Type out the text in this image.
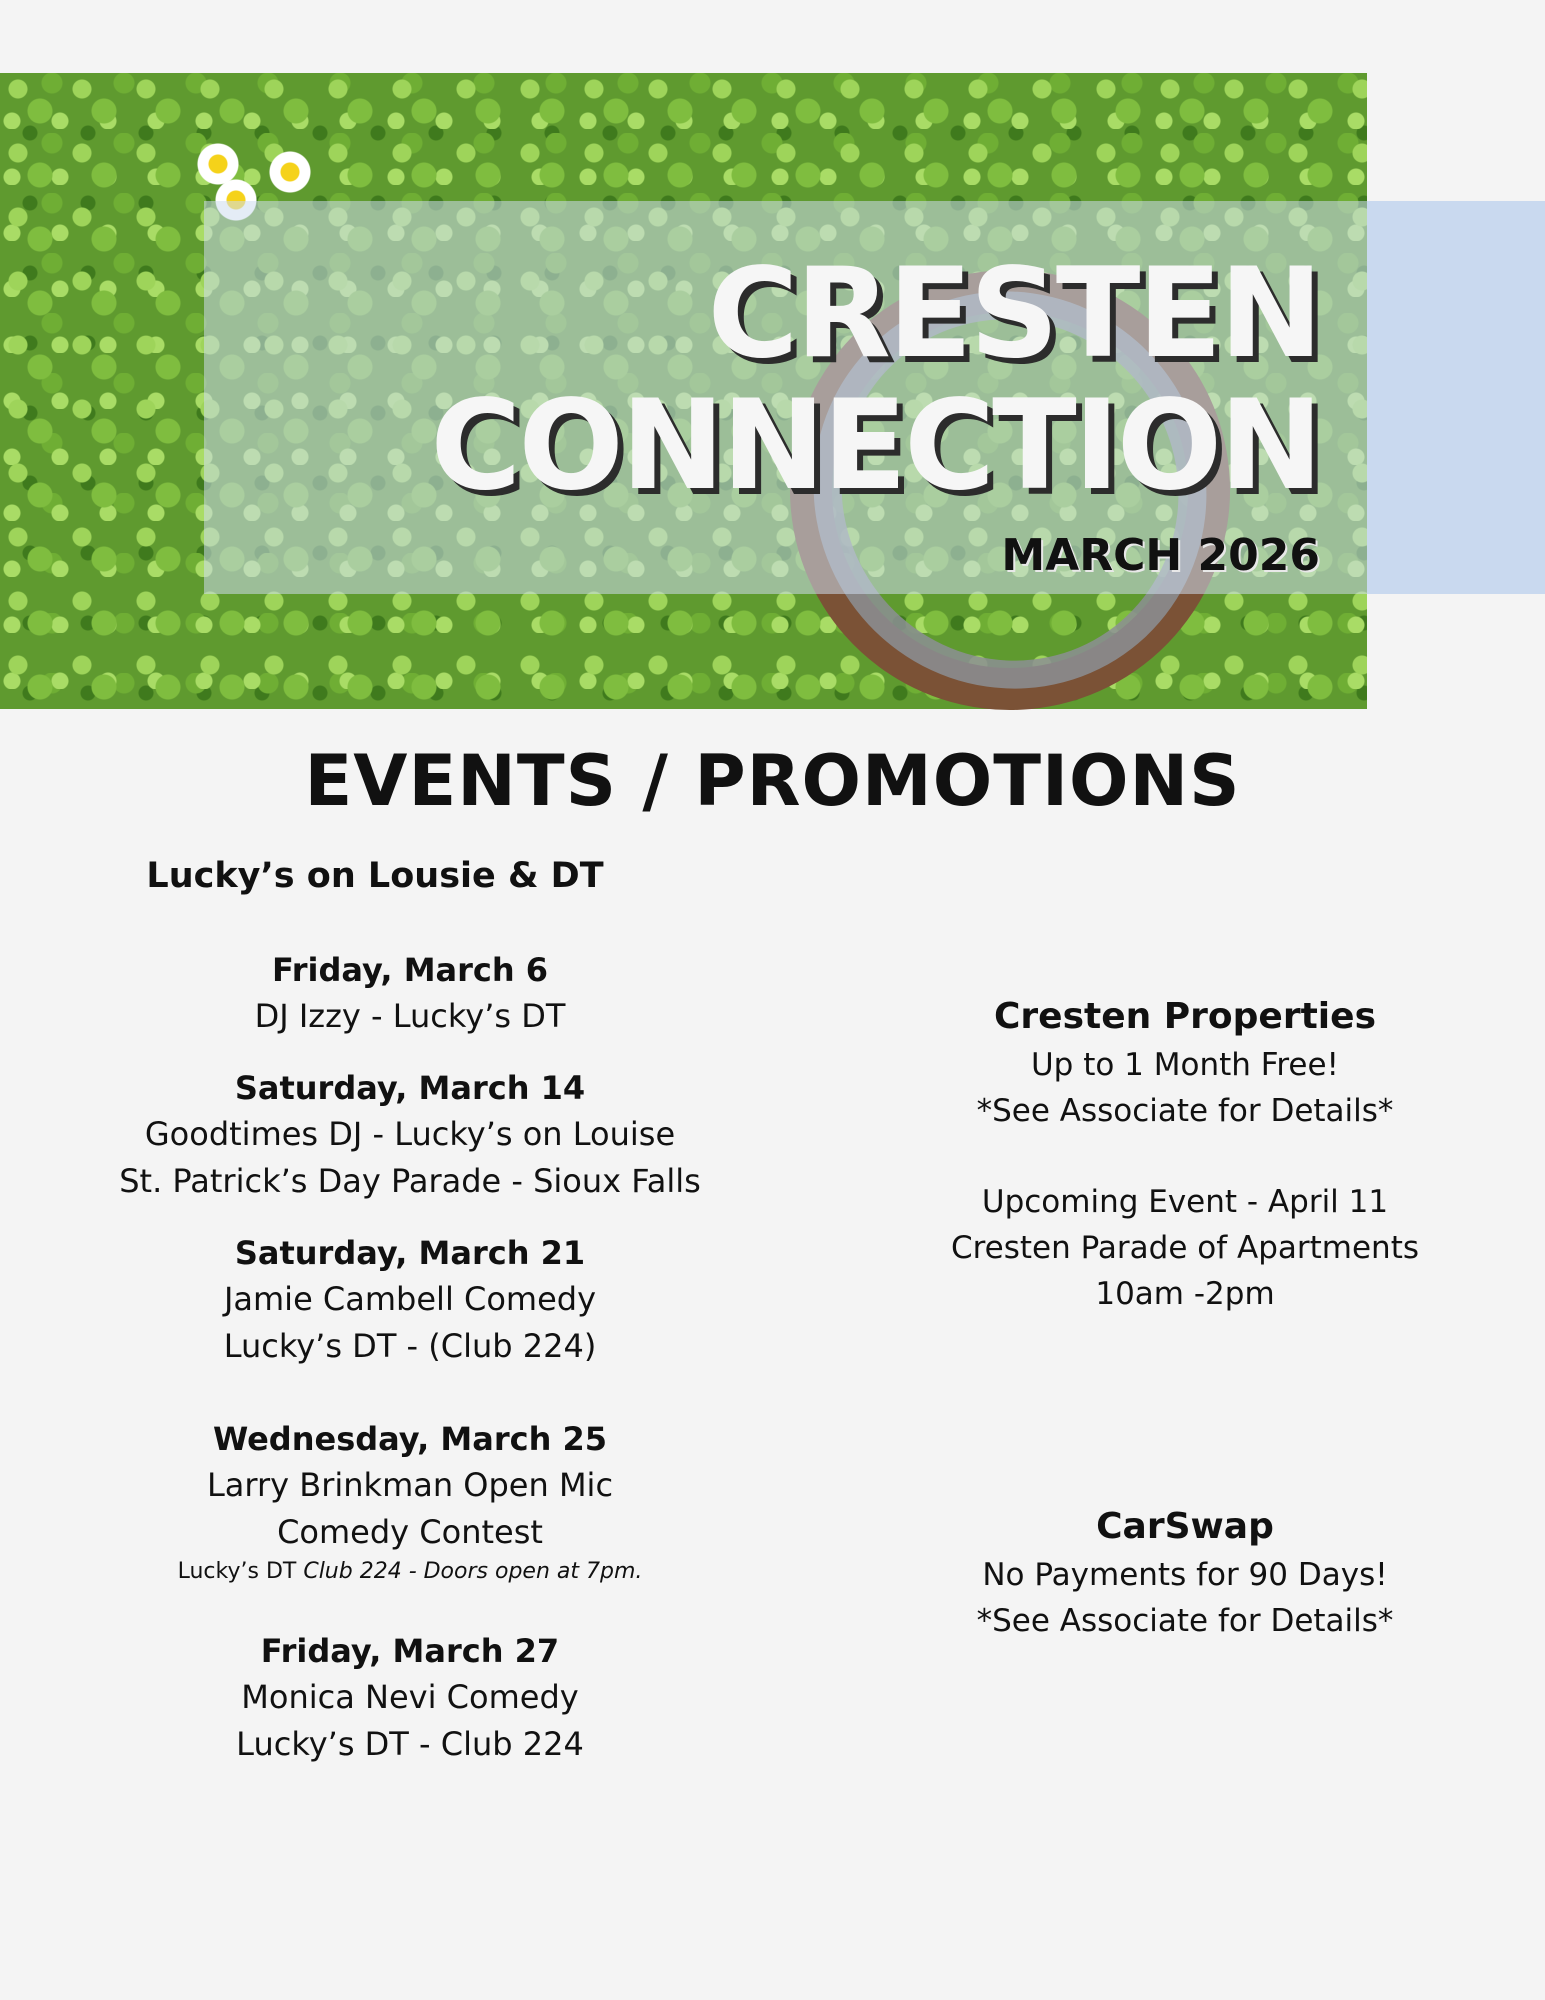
CRESTEN
CONNECTION
MARCH 2026
EVENTS / PROMOTIONS

Lucky’s on Lousie & DT

Friday, March 6

DJ Izzy - Lucky’s DT

Saturday, March 14

Goodtimes DJ - Lucky’s on Louise

St. Patrick’s Day Parade - Sioux Falls

Saturday, March 21

Jamie Cambell Comedy

Lucky’s DT - (Club 224)

Wednesday, March 25

Larry Brinkman Open Mic

Comedy Contest

Lucky’s DT Club 224 - Doors open at 7pm.

Friday, March 27

Monica Nevi Comedy

Lucky’s DT - Club 224

Cresten Properties

Up to 1 Month Free!

*See Associate for Details*

Upcoming Event - April 11

Cresten Parade of Apartments

10am -2pm

CarSwap

No Payments for 90 Days!

*See Associate for Details*
